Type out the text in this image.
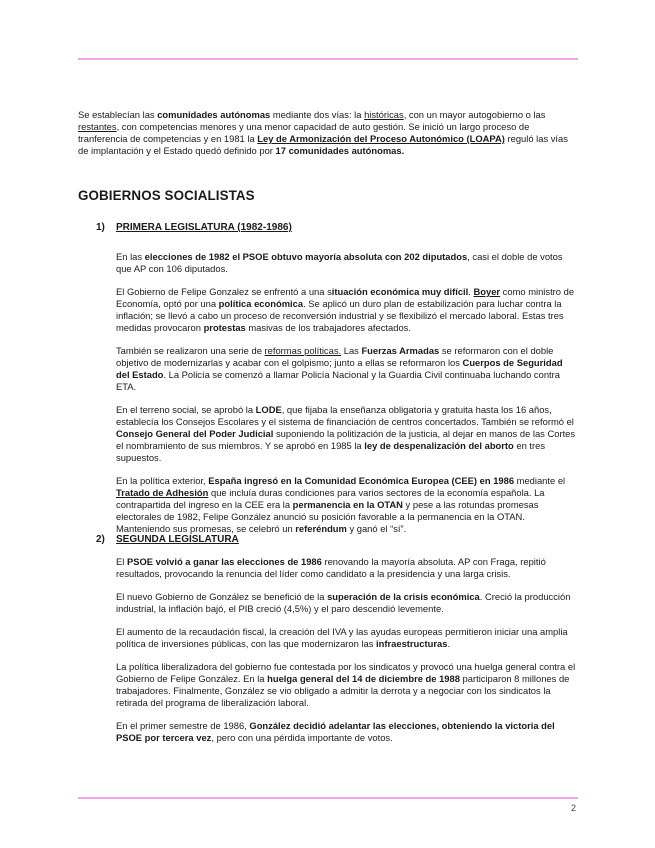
Se establecían las comunidades autónomas mediante dos vías: la históricas, con un mayor autogobierno o las restantes, con competencias menores y una menor capacidad de auto gestión. Se inició un largo proceso de tranferencia de competencias y en 1981 la Ley de Armonización del Proceso Autonómico (LOAPA) reguló las vías de implantación y el Estado quedó definido por 17 comunidades autónomas.

GOBIERNOS SOCIALISTAS
1) PRIMERA LEGISLATURA (1982-1986)

En las elecciones de 1982 el PSOE obtuvo mayoría absoluta con 202 diputados, casi el doble de votos que AP con 106 diputados.

El Gobierno de Felipe Gonzalez se enfrentó a una situación económica muy difícil. Boyer como ministro de Economía, optó por una política económica. Se aplicó un duro plan de estabilización para luchar contra la inflación; se llevó a cabo un proceso de reconversión industrial y se flexibilizó el mercado laboral. Estas tres medidas provocaron protestas masivas de los trabajadores afectados.

También se realizaron una serie de reformas políticas. Las Fuerzas Armadas se reformaron con el doble objetivo de modernizarlas y acabar con el golpismo; junto a ellas se reformaron los Cuerpos de Seguridad del Estado. La Policía se comenzó a llamar Policía Nacional y la Guardia Civil continuaba luchando contra ETA.

En el terreno social, se aprobó la LODE, que fijaba la enseñanza obligatoria y gratuita hasta los 16 años, establecía los Consejos Escolares y el sistema de financiación de centros concertados. También se reformó el Consejo General del Poder Judicial suponiendo la politización de la justicia, al dejar en manos de las Cortes el nombramiento de sus miembros. Y se aprobó en 1985 la ley de despenalización del aborto en tres supuestos.

En la política exterior, España ingresó en la Comunidad Económica Europea (CEE) en 1986 mediante el Tratado de Adhesión que incluía duras condiciones para varios sectores de la economía española. La contrapartida del ingreso en la CEE era la permanencia en la OTAN y pese a las rotundas promesas electorales de 1982, Felipe González anunció su posición favorable a la permanencia en la OTAN. Manteniendo sus promesas, se celebró un referéndum y ganó el “sí”.

2) SEGUNDA LEGISLATURA

El PSOE volvió a ganar las elecciones de 1986 renovando la mayoría absoluta. AP con Fraga, repitió resultados, provocando la renuncia del líder como candidato a la presidencia y una larga crisis.

El nuevo Gobierno de González se benefició de la superación de la crisis económica. Creció la producción industrial, la inflación bajó, el PIB creció (4,5%) y el paro descendió levemente.

El aumento de la recaudación fiscal, la creación del IVA y las ayudas europeas permitieron iniciar una amplia política de inversiones públicas, con las que modernizaron las infraestructuras.

La política liberalizadora del gobierno fue contestada por los sindicatos y provocó una huelga general contra el Gobierno de Felipe González. En la huelga general del 14 de diciembre de 1988 participaron 8 millones de trabajadores. Finalmente, González se vio obligado a admitir la derrota y a negociar con los sindicatos la retirada del programa de liberalización laboral.

En el primer semestre de 1986, González decidió adelantar las elecciones, obteniendo la victoria del PSOE por tercera vez, pero con una pérdida importante de votos.

2
